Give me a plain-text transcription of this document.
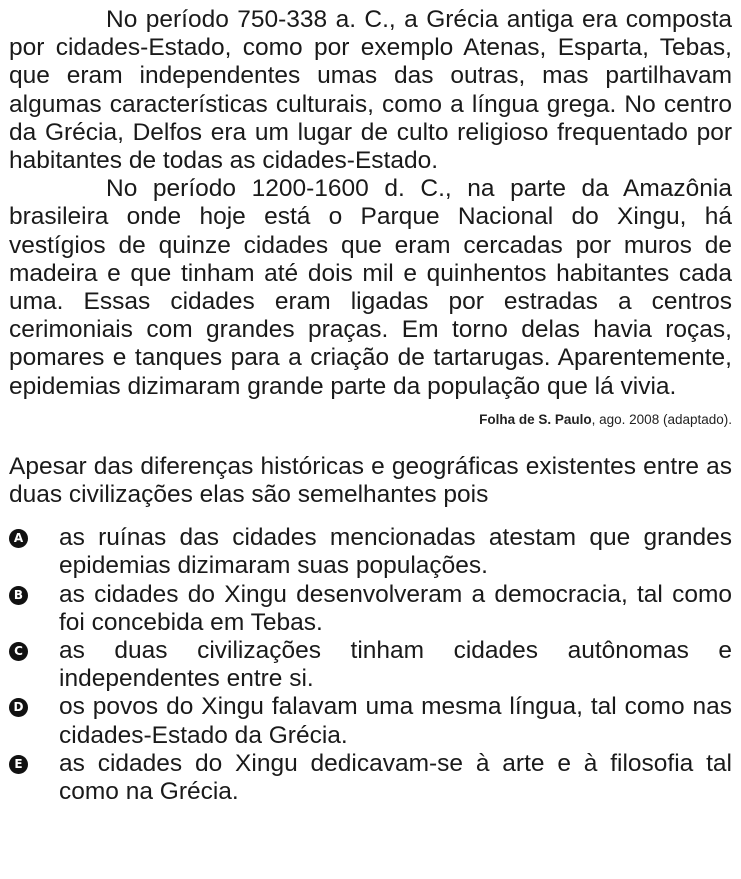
No período 750-338 a. C., a Grécia antiga era composta por cidades-Estado, como por exemplo Atenas, Esparta, Tebas, que eram independentes umas das outras, mas partilhavam algumas características culturais, como a língua grega. No centro da Grécia, Delfos era um lugar de culto religioso frequentado por habitantes de todas as cidades-Estado.

No período 1200-1600 d. C., na parte da Amazônia brasileira onde hoje está o Parque Nacional do Xingu, há vestígios de quinze cidades que eram cercadas por muros de madeira e que tinham até dois mil e quinhentos habitantes cada uma. Essas cidades eram ligadas por estradas a centros cerimoniais com grandes praças. Em torno delas havia roças, pomares e tanques para a criação de tartarugas. Aparentemente, epidemias dizimaram grande parte da população que lá vivia.

Folha de S. Paulo, ago. 2008 (adaptado).

Apesar das diferenças históricas e geográficas existentes entre as duas civilizações elas são semelhantes pois

A as ruínas das cidades mencionadas atestam que grandes epidemias dizimaram suas populações.
B as cidades do Xingu desenvolveram a democracia, tal como foi concebida em Tebas.
C as duas civilizações tinham cidades autônomas e independentes entre si.
D os povos do Xingu falavam uma mesma língua, tal como nas cidades-Estado da Grécia.
E as cidades do Xingu dedicavam-se à arte e à filosofia tal como na Grécia.
